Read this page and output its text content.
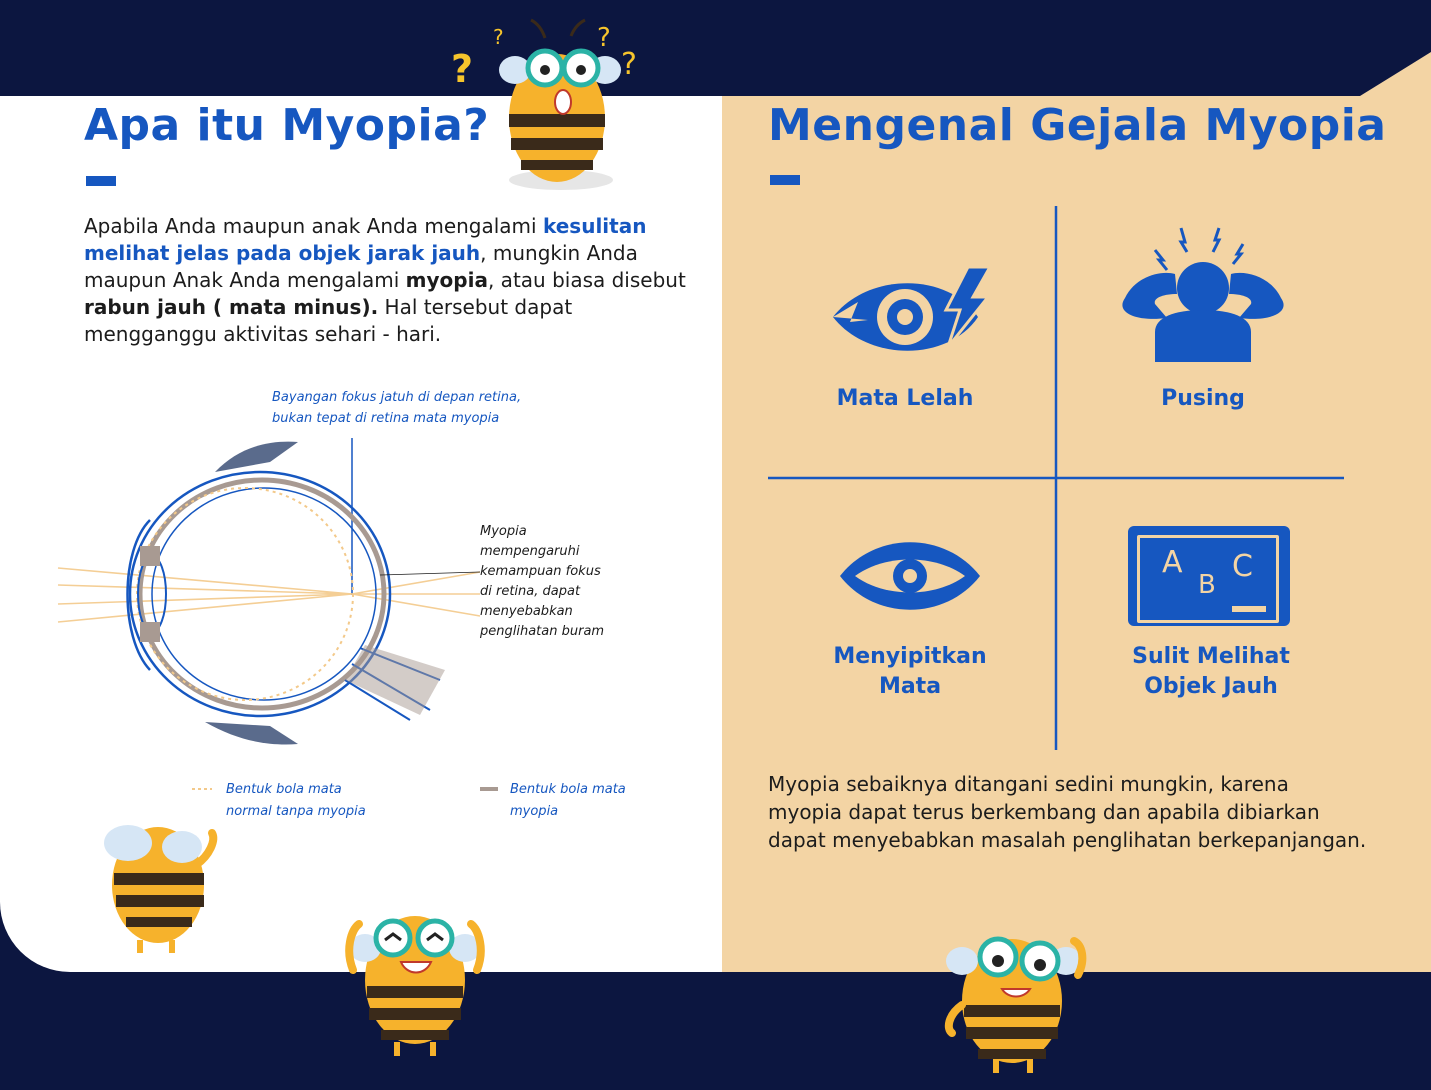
Apa itu Myopia?

Apabila Anda maupun anak Anda mengalami kesulitan melihat jelas pada objek jarak jauh, mungkin Anda maupun Anak Anda mengalami myopia, atau biasa disebut rabun jauh ( mata minus). Hal tersebut dapat mengganggu aktivitas sehari - hari.

Bayangan fokus jatuh di depan retina,
bukan tepat di retina mata myopia
Myopia
mempengaruhi
kemampuan fokus
di retina, dapat
menyebabkan
penglihatan buram
Bentuk bola mata
normal tanpa myopia
Bentuk bola mata
myopia
Mengenal Gejala Myopia
Mata Lelah	Pusing
Menyipitkan
Mata
A
B
C
Sulit Melihat
Objek Jauh

Myopia sebaiknya ditangani sedini mungkin, karena myopia dapat terus berkembang dan apabila dibiarkan dapat menyebabkan masalah penglihatan berkepanjangan.

?
?	?
?
